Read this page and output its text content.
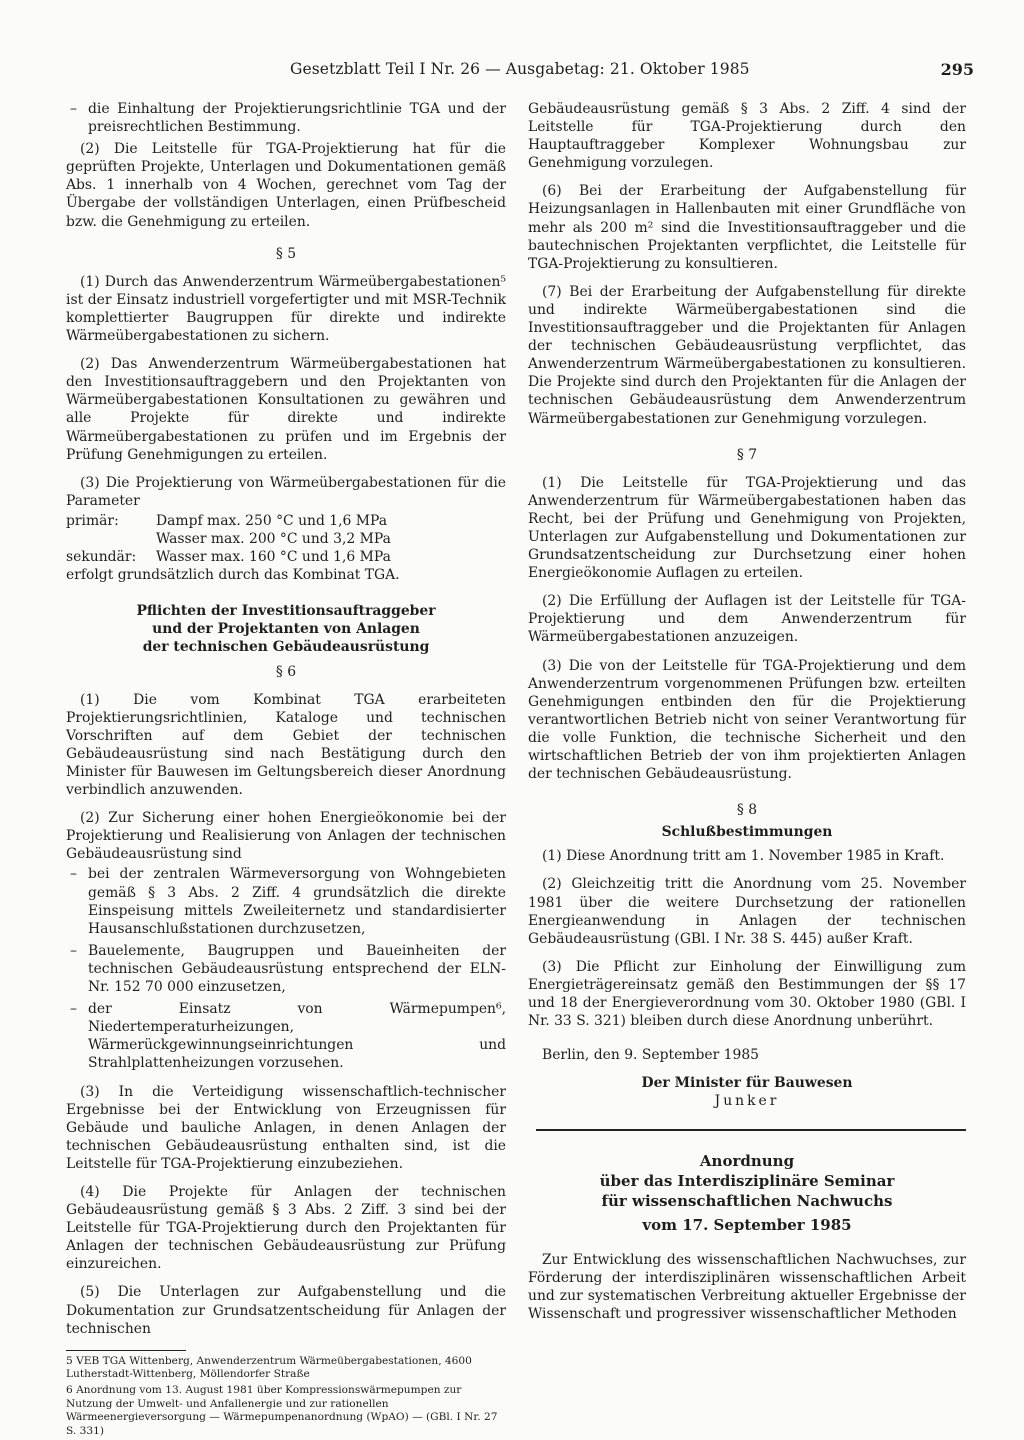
Gesetzblatt Teil I Nr. 26 — Ausgabetag: 21. Oktober 1985	295
– die Einhaltung der Projektierungsrichtlinie TGA und der preisrechtlichen Bestimmung.

(2) Die Leitstelle für TGA-Projektierung hat für die geprüften Projekte, Unterlagen und Dokumentationen gemäß Abs. 1 innerhalb von 4 Wochen, gerechnet vom Tag der Übergabe der vollständigen Unterlagen, einen Prüfbescheid bzw. die Genehmigung zu erteilen.

§ 5

(1) Durch das Anwenderzentrum Wärmeübergabestationen⁵ ist der Einsatz industriell vorgefertigter und mit MSR-Technik komplettierter Baugruppen für direkte und indirekte Wärmeübergabestationen zu sichern.

(2) Das Anwenderzentrum Wärmeübergabestationen hat den Investitionsauftraggebern und den Projektanten von Wärmeübergabestationen Konsultationen zu gewähren und alle Projekte für direkte und indirekte Wärmeübergabestationen zu prüfen und im Ergebnis der Prüfung Genehmigungen zu erteilen.

(3) Die Projektierung von Wärmeübergabestationen für die Parameter

primär:	Dampf max. 250 °C und 1,6 MPa
Wasser max. 200 °C und 3,2 MPa
sekundär:	Wasser max. 160 °C und 1,6 MPa

erfolgt grundsätzlich durch das Kombinat TGA.

Pflichten der Investitionsauftraggeber
und der Projektanten von Anlagen
der technischen Gebäudeausrüstung
§ 6

(1) Die vom Kombinat TGA erarbeiteten Projektierungsrichtlinien, Kataloge und technischen Vorschriften auf dem Gebiet der technischen Gebäudeausrüstung sind nach Bestätigung durch den Minister für Bauwesen im Geltungsbereich dieser Anordnung verbindlich anzuwenden.

(2) Zur Sicherung einer hohen Energieökonomie bei der Projektierung und Realisierung von Anlagen der technischen Gebäudeausrüstung sind

– bei der zentralen Wärmeversorgung von Wohngebieten gemäß § 3 Abs. 2 Ziff. 4 grundsätzlich die direkte Einspeisung mittels Zweileiternetz und standardisierter Hausanschlußstationen durchzusetzen,
– Bauelemente, Baugruppen und Baueinheiten der technischen Gebäudeausrüstung entsprechend der ELN-Nr. 152 70 000 einzusetzen,
– der Einsatz von Wärmepumpen⁶, Niedertemperaturheizungen, Wärmerückgewinnungseinrichtungen und Strahlplattenheizungen vorzusehen.

(3) In die Verteidigung wissenschaftlich-technischer Ergebnisse bei der Entwicklung von Erzeugnissen für Gebäude und bauliche Anlagen, in denen Anlagen der technischen Gebäudeausrüstung enthalten sind, ist die Leitstelle für TGA-Projektierung einzubeziehen.

(4) Die Projekte für Anlagen der technischen Gebäudeausrüstung gemäß § 3 Abs. 2 Ziff. 3 sind bei der Leitstelle für TGA-Projektierung durch den Projektanten für Anlagen der technischen Gebäudeausrüstung zur Prüfung einzureichen.

(5) Die Unterlagen zur Aufgabenstellung und die Dokumentation zur Grundsatzentscheidung für Anlagen der technischen

5 VEB TGA Wittenberg, Anwenderzentrum Wärmeübergabestationen, 4600 Lutherstadt-Wittenberg, Möllendorfer Straße

6 Anordnung vom 13. August 1981 über Kompressionswärmepumpen zur Nutzung der Umwelt- und Anfallenergie und zur rationellen Wärmeenergieversorgung — Wärmepumpenanordnung (WpAO) — (GBl. I Nr. 27 S. 331)

Gebäudeausrüstung gemäß § 3 Abs. 2 Ziff. 4 sind der Leitstelle für TGA-Projektierung durch den Hauptauftraggeber Komplexer Wohnungsbau zur Genehmigung vorzulegen.

(6) Bei der Erarbeitung der Aufgabenstellung für Heizungsanlagen in Hallenbauten mit einer Grundfläche von mehr als 200 m² sind die Investitionsauftraggeber und die bautechnischen Projektanten verpflichtet, die Leitstelle für TGA-Projektierung zu konsultieren.

(7) Bei der Erarbeitung der Aufgabenstellung für direkte und indirekte Wärmeübergabestationen sind die Investitionsauftraggeber und die Projektanten für Anlagen der technischen Gebäudeausrüstung verpflichtet, das Anwenderzentrum Wärmeübergabestationen zu konsultieren. Die Projekte sind durch den Projektanten für die Anlagen der technischen Gebäudeausrüstung dem Anwenderzentrum Wärmeübergabestationen zur Genehmigung vorzulegen.

§ 7

(1) Die Leitstelle für TGA-Projektierung und das Anwenderzentrum für Wärmeübergabestationen haben das Recht, bei der Prüfung und Genehmigung von Projekten, Unterlagen zur Aufgabenstellung und Dokumentationen zur Grundsatzentscheidung zur Durchsetzung einer hohen Energieökonomie Auflagen zu erteilen.

(2) Die Erfüllung der Auflagen ist der Leitstelle für TGA-Projektierung und dem Anwenderzentrum für Wärmeübergabestationen anzuzeigen.

(3) Die von der Leitstelle für TGA-Projektierung und dem Anwenderzentrum vorgenommenen Prüfungen bzw. erteilten Genehmigungen entbinden den für die Projektierung verantwortlichen Betrieb nicht von seiner Verantwortung für die volle Funktion, die technische Sicherheit und den wirtschaftlichen Betrieb der von ihm projektierten Anlagen der technischen Gebäudeausrüstung.

§ 8
Schlußbestimmungen

(1) Diese Anordnung tritt am 1. November 1985 in Kraft.

(2) Gleichzeitig tritt die Anordnung vom 25. November 1981 über die weitere Durchsetzung der rationellen Energieanwendung in Anlagen der technischen Gebäudeausrüstung (GBl. I Nr. 38 S. 445) außer Kraft.

(3) Die Pflicht zur Einholung der Einwilligung zum Energieträgereinsatz gemäß den Bestimmungen der §§ 17 und 18 der Energieverordnung vom 30. Oktober 1980 (GBl. I Nr. 33 S. 321) bleiben durch diese Anordnung unberührt.

Berlin, den 9. September 1985

Der Minister für Bauwesen
Junker
Anordnung
über das Interdisziplinäre Seminar
für wissenschaftlichen Nachwuchs
vom 17. September 1985

Zur Entwicklung des wissenschaftlichen Nachwuchses, zur Förderung der interdisziplinären wissenschaftlichen Arbeit und zur systematischen Verbreitung aktueller Ergebnisse der Wissenschaft und progressiver wissenschaftlicher Methoden
